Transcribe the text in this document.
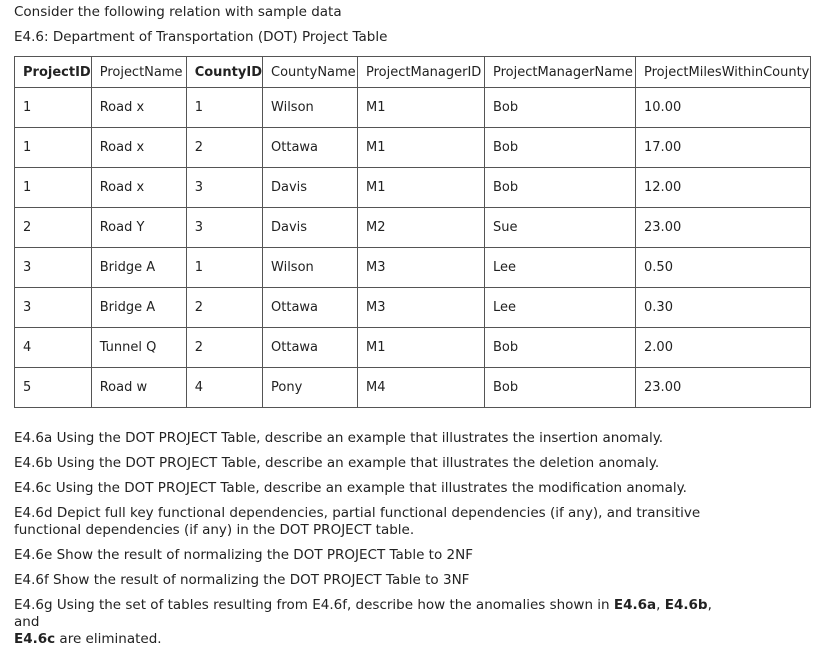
Consider the following relation with sample data
E4.6: Department of Transportation (DOT) Project Table
ProjectID	ProjectName	CountyID	CountyName	ProjectManagerID	ProjectManagerName	ProjectMilesWithinCounty
1	Road x	1	Wilson	M1	Bob	10.00
1	Road x	2	Ottawa	M1	Bob	17.00
1	Road x	3	Davis	M1	Bob	12.00
2	Road Y	3	Davis	M2	Sue	23.00
3	Bridge A	1	Wilson	M3	Lee	0.50
3	Bridge A	2	Ottawa	M3	Lee	0.30
4	Tunnel Q	2	Ottawa	M1	Bob	2.00
5	Road w	4	Pony	M4	Bob	23.00

E4.6a Using the DOT PROJECT Table, describe an example that illustrates the insertion anomaly.

E4.6b Using the DOT PROJECT Table, describe an example that illustrates the deletion anomaly.

E4.6c Using the DOT PROJECT Table, describe an example that illustrates the modification anomaly.

E4.6d Depict full key functional dependencies, partial functional dependencies (if any), and transitive

functional dependencies (if any) in the DOT PROJECT table.

E4.6e Show the result of normalizing the DOT PROJECT Table to 2NF

E4.6f Show the result of normalizing the DOT PROJECT Table to 3NF

E4.6g Using the set of tables resulting from E4.6f, describe how the anomalies shown in E4.6a, E4.6b, and

E4.6c are eliminated.
